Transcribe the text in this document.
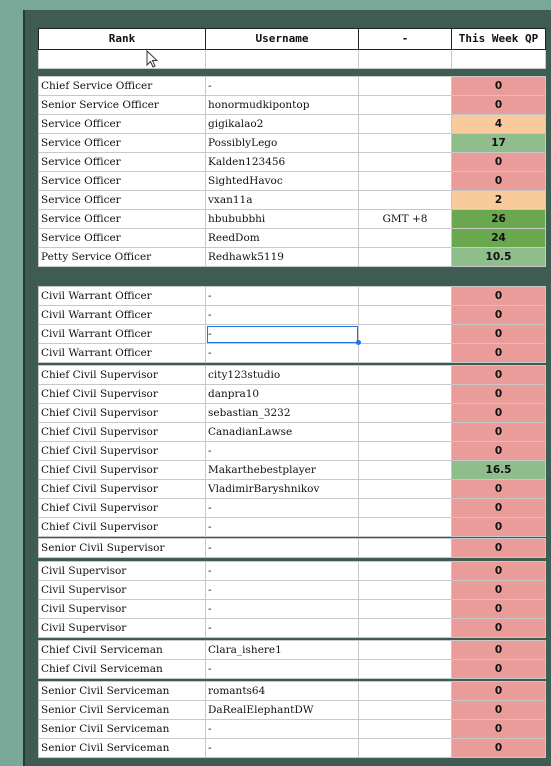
Rank	Username	-	This Week QP

Chief Service Officer	-		0
Senior Service Officer	honormudkipontop		0
Service Officer	gigikalao2		4
Service Officer	PossiblyLego		17
Service Officer	Kalden123456		0
Service Officer	SightedHavoc		0
Service Officer	vxan11a		2
Service Officer	hbububbhi	GMT +8	26
Service Officer	ReedDom		24
Petty Service Officer	Redhawk5119		10.5
Civil Warrant Officer	-		0
Civil Warrant Officer	-		0
Civil Warrant Officer	-		0
Civil Warrant Officer	-		0
Chief Civil Supervisor	city123studio		0
Chief Civil Supervisor	danpra10		0
Chief Civil Supervisor	sebastian_3232		0
Chief Civil Supervisor	CanadianLawse		0
Chief Civil Supervisor	-		0
Chief Civil Supervisor	Makarthebestplayer		16.5
Chief Civil Supervisor	VladimirBaryshnikov		0
Chief Civil Supervisor	-		0
Chief Civil Supervisor	-		0
Senior Civil Supervisor	-		0
Civil Supervisor	-		0
Civil Supervisor	-		0
Civil Supervisor	-		0
Civil Supervisor	-		0
Chief Civil Serviceman	Clara_ishere1		0
Chief Civil Serviceman	-		0
Senior Civil Serviceman	romants64		0
Senior Civil Serviceman	DaRealElephantDW		0
Senior Civil Serviceman	-		0
Senior Civil Serviceman	-		0
